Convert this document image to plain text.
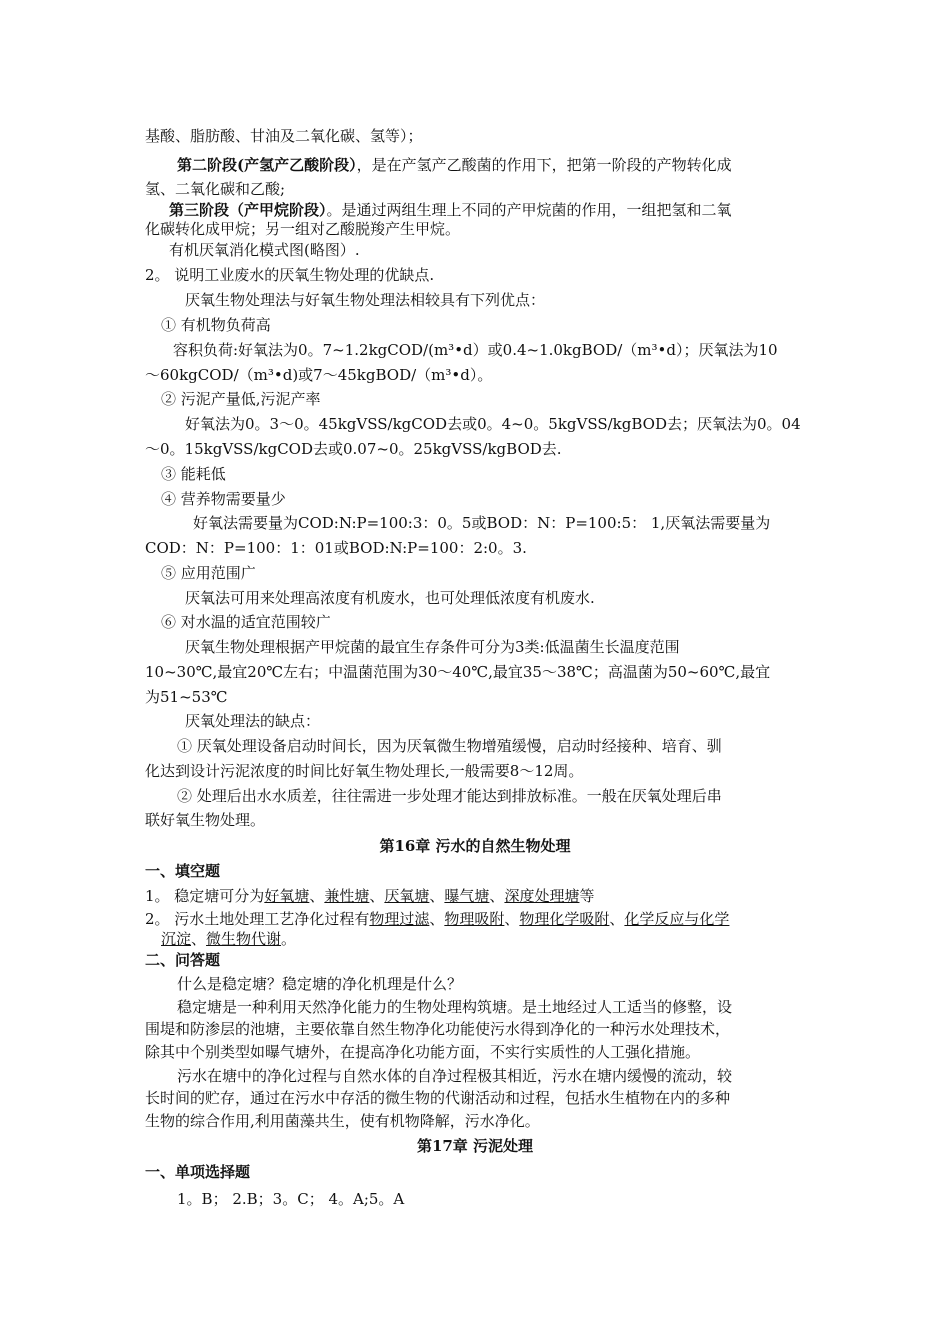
基酸、脂肪酸、甘油及二氧化碳、氢等）；
第二阶段(产氢产乙酸阶段），是在产氢产乙酸菌的作用下，把第一阶段的产物转化成
氢、二氧化碳和乙酸;
第三阶段（产甲烷阶段）。是通过两组生理上不同的产甲烷菌的作用，一组把氢和二氧
化碳转化成甲烷；另一组对乙酸脱羧产生甲烷。
有机厌氧消化模式图(略图）.
2。 说明工业废水的厌氧生物处理的优缺点.
厌氧生物处理法与好氧生物处理法相较具有下列优点：
① 有机物负荷高
容积负荷:好氧法为0。7~1.2kgCOD/(m³•d）或0.4~1.0kgBOD/（m³•d）；厌氧法为10
～60kgCOD/（m³•d)或7～45kgBOD/（m³•d）。
② 污泥产量低,污泥产率
好氧法为0。3～0。45kgVSS/kgCOD去或0。4~0。5kgVSS/kgBOD去；厌氧法为0。04
～0。15kgVSS/kgCOD去或0.07~0。25kgVSS/kgBOD去.
③ 能耗低
④ 营养物需要量少
好氧法需要量为COD:N:P=100:3：0。5或BOD：N：P=100:5： 1,厌氧法需要量为
COD：N：P=100：1：01或BOD:N:P=100：2:0。3.
⑤ 应用范围广
厌氧法可用来处理高浓度有机废水，也可处理低浓度有机废水.
⑥ 对水温的适宜范围较广
厌氧生物处理根据产甲烷菌的最宜生存条件可分为3类:低温菌生长温度范围
10~30℃,最宜20℃左右；中温菌范围为30～40℃,最宜35～38℃；高温菌为50~60℃,最宜
为51~53℃
厌氧处理法的缺点：
① 厌氧处理设备启动时间长，因为厌氧微生物增殖缓慢，启动时经接种、培育、驯
化达到设计污泥浓度的时间比好氧生物处理长,一般需要8～12周。
② 处理后出水水质差，往往需进一步处理才能达到排放标准。一般在厌氧处理后串
联好氧生物处理。
第16章 污水的自然生物处理
一、填空题
1。 稳定塘可分为好氧塘、兼性塘、厌氧塘、曝气塘、深度处理塘等
2。 污水土地处理工艺净化过程有物理过滤、物理吸附、物理化学吸附、化学反应与化学
沉淀、微生物代谢。
二、问答题
什么是稳定塘？稳定塘的净化机理是什么？
稳定塘是一种利用天然净化能力的生物处理构筑塘。是土地经过人工适当的修整，设
围堤和防渗层的池塘，主要依靠自然生物净化功能使污水得到净化的一种污水处理技术，
除其中个别类型如曝气塘外，在提高净化功能方面，不实行实质性的人工强化措施。
污水在塘中的净化过程与自然水体的自净过程极其相近，污水在塘内缓慢的流动，较
长时间的贮存，通过在污水中存活的微生物的代谢活动和过程，包括水生植物在内的多种
生物的综合作用,利用菌藻共生，使有机物降解，污水净化。
第17章 污泥处理
一、单项选择题
1。B； 2.B；3。C； 4。A;5。A
